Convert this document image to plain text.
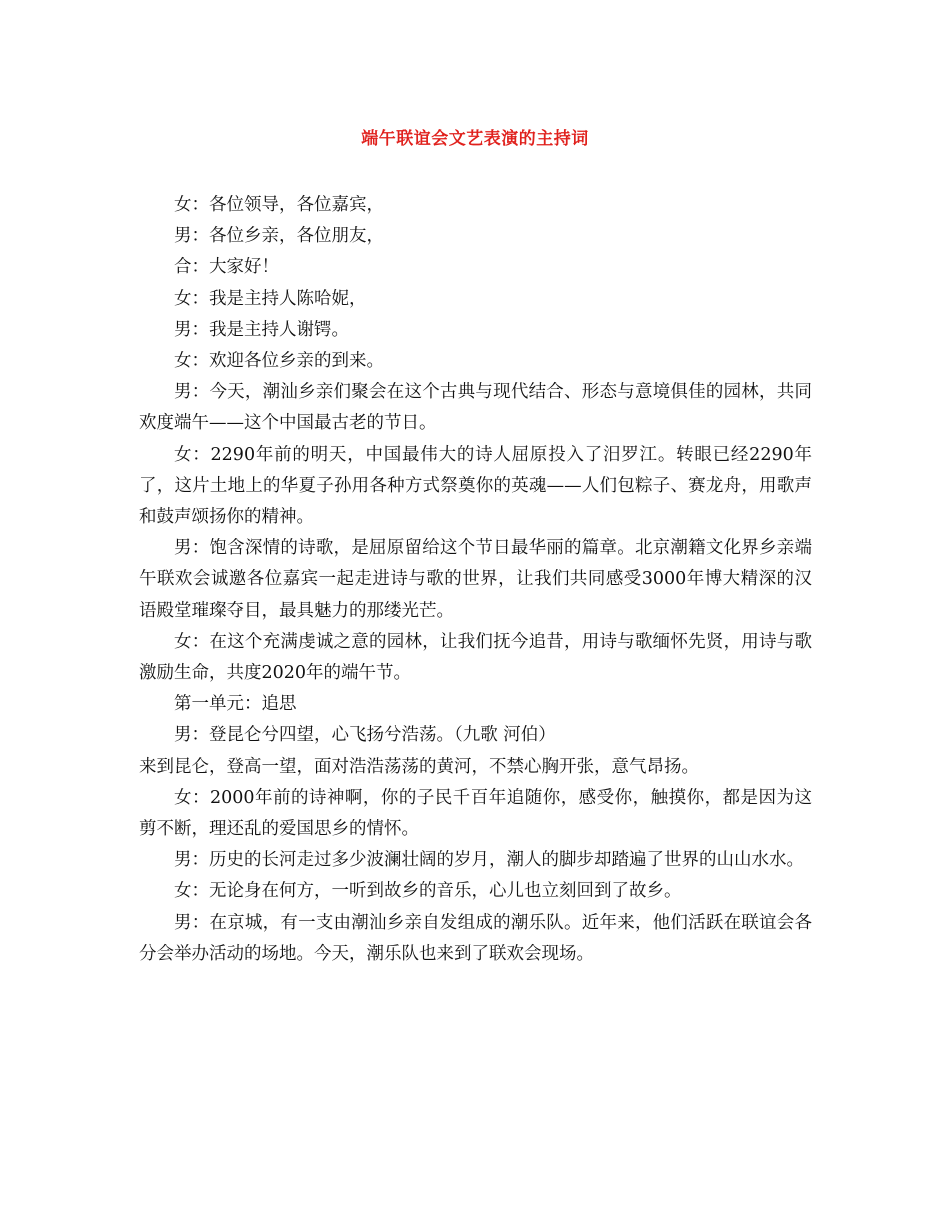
端午联谊会文艺表演的主持词

女：各位领导，各位嘉宾，

男：各位乡亲，各位朋友，

合：大家好！

女：我是主持人陈哈妮，

男：我是主持人谢锷。

女：欢迎各位乡亲的到来。

男：今天，潮汕乡亲们聚会在这个古典与现代结合、形态与意境俱佳的园林，共同欢度端午——这个中国最古老的节日。

女：2290年前的明天，中国最伟大的诗人屈原投入了汨罗江。转眼已经2290年了，这片土地上的华夏子孙用各种方式祭奠你的英魂——人们包粽子、赛龙舟，用歌声和鼓声颂扬你的精神。

男：饱含深情的诗歌，是屈原留给这个节日最华丽的篇章。北京潮籍文化界乡亲端午联欢会诚邀各位嘉宾一起走进诗与歌的世界，让我们共同感受3000年博大精深的汉语殿堂璀璨夺目，最具魅力的那缕光芒。

女：在这个充满虔诚之意的园林，让我们抚今追昔，用诗与歌缅怀先贤，用诗与歌激励生命，共度2020年的端午节。

第一单元：追思

男：登昆仑兮四望，心飞扬兮浩荡。（九歌 河伯）

来到昆仑，登高一望，面对浩浩荡荡的黄河，不禁心胸开张，意气昂扬。

女：2000年前的诗神啊，你的子民千百年追随你，感受你，触摸你，都是因为这剪不断，理还乱的爱国思乡的情怀。

男：历史的长河走过多少波澜壮阔的岁月，潮人的脚步却踏遍了世界的山山水水。

女：无论身在何方，一听到故乡的音乐，心儿也立刻回到了故乡。

男：在京城，有一支由潮汕乡亲自发组成的潮乐队。近年来，他们活跃在联谊会各分会举办活动的场地。今天，潮乐队也来到了联欢会现场。
